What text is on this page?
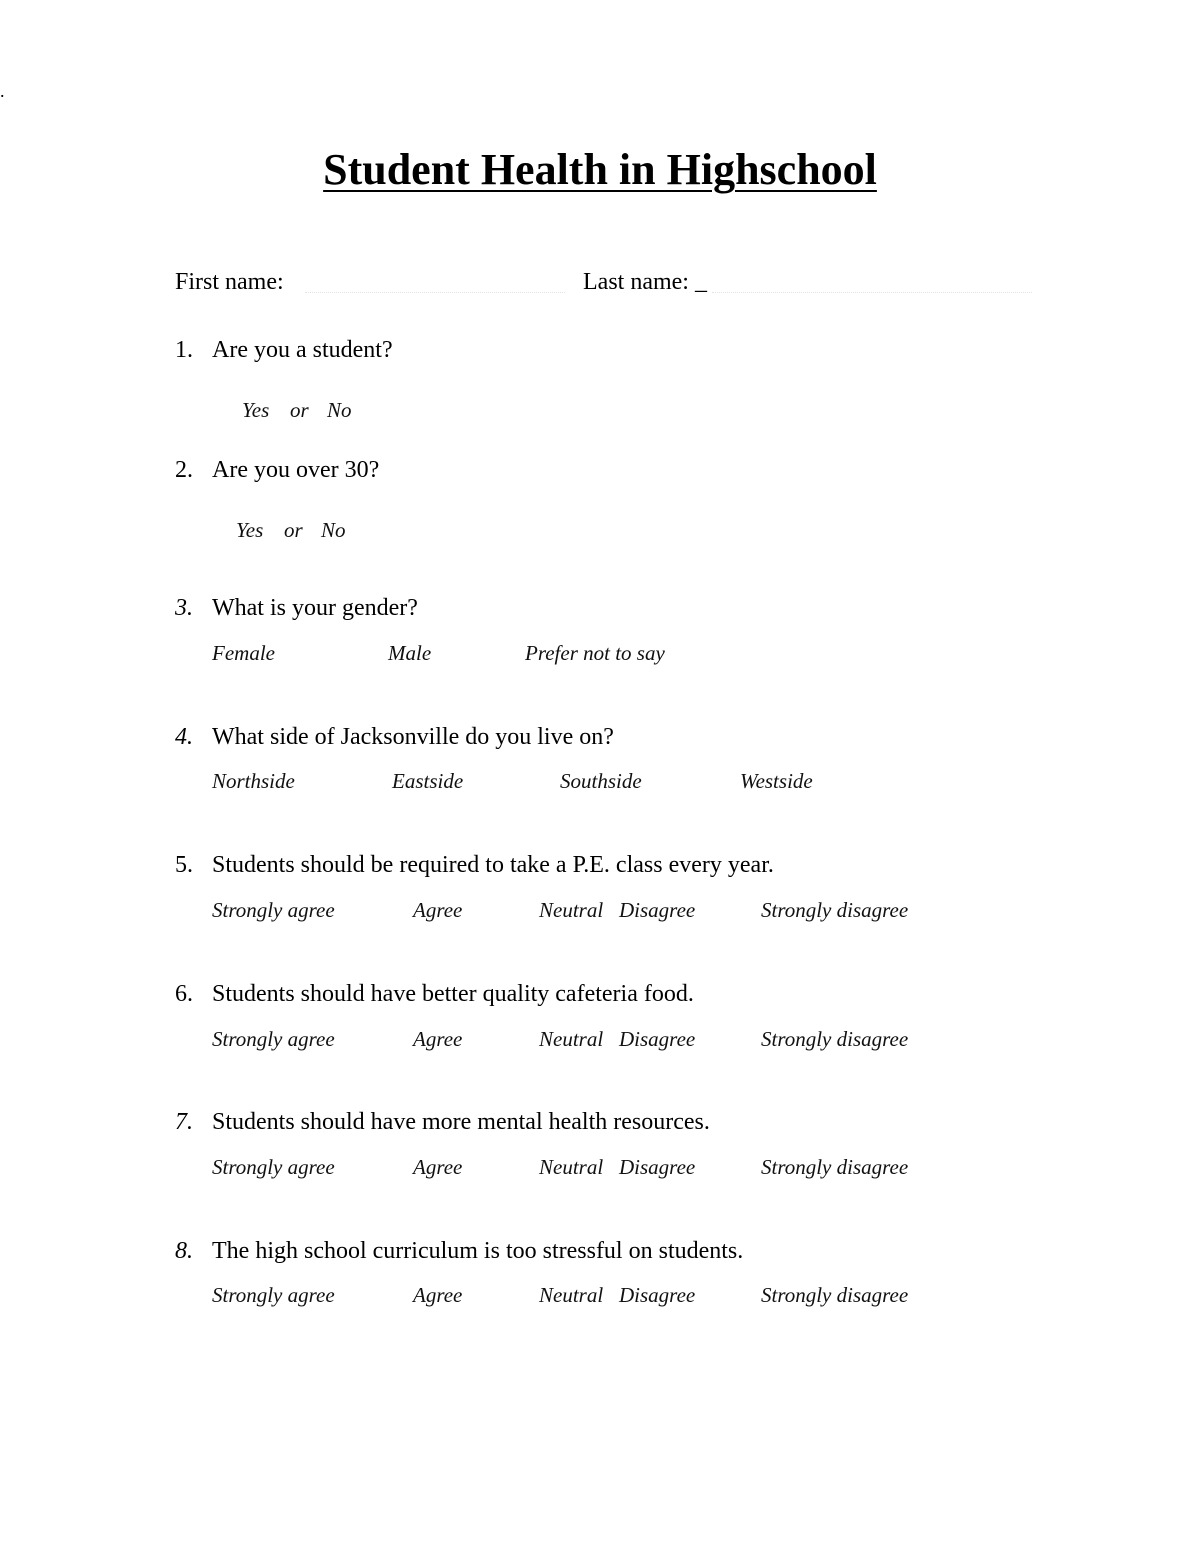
.
Student Health in Highschool
First name:	Last name: _
1. Are you a student?
Yes or No
2. Are you over 30?
Yes or No
3. What is your gender?
Female	Male	Prefer not to say
4. What side of Jacksonville do you live on?
Northside	Eastside	Southside	Westside
5. Students should be required to take a P.E. class every year.
Strongly agree	Agree	Neutral Disagree	Strongly disagree
6. Students should have better quality cafeteria food.
Strongly agree	Agree	Neutral Disagree	Strongly disagree
7. Students should have more mental health resources.
Strongly agree	Agree	Neutral Disagree	Strongly disagree
8. The high school curriculum is too stressful on students.
Strongly agree	Agree	Neutral Disagree	Strongly disagree
